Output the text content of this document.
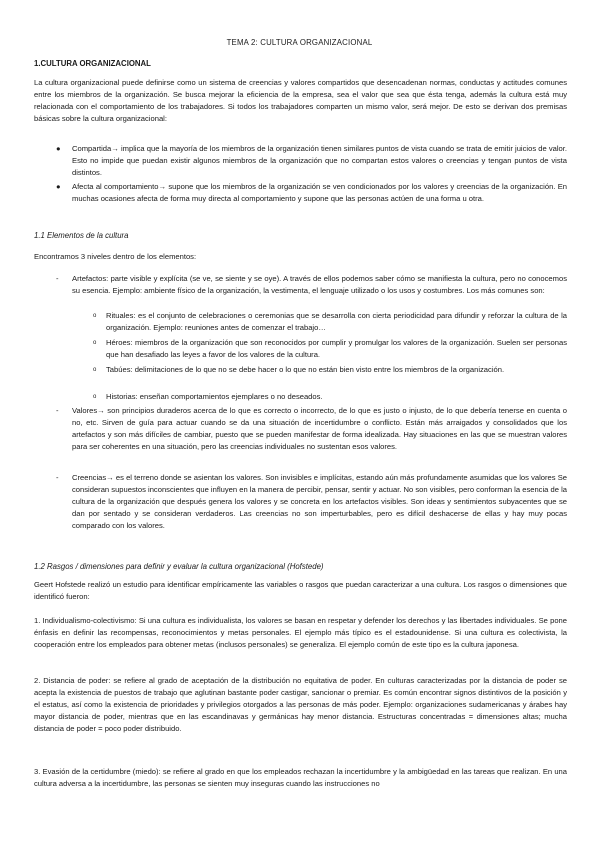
TEMA 2: CULTURA ORGANIZACIONAL
1.CULTURA ORGANIZACIONAL

La cultura organizacional puede definirse como un sistema de creencias y valores compartidos que desencadenan normas, conductas y actitudes comunes entre los miembros de la organización. Se busca mejorar la eficiencia de la empresa, sea el valor que sea que ésta tenga, además la cultura está muy relacionada con el comportamiento de los trabajadores. Si todos los trabajadores comparten un mismo valor, será mejor. De esto se derivan dos premisas básicas sobre la cultura organizacional:

● Compartida→ implica que la mayoría de los miembros de la organización tienen similares puntos de vista cuando se trata de emitir juicios de valor. Esto no impide que puedan existir algunos miembros de la organización que no compartan estos valores o creencias y tengan puntos de vista distintos.

● Afecta al comportamiento→ supone que los miembros de la organización se ven condicionados por los valores y creencias de la organización. En muchas ocasiones afecta de forma muy directa al comportamiento y supone que las personas actúen de una forma u otra.

1.1 Elementos de la cultura

Encontramos 3 niveles dentro de los elementos:

- Artefactos: parte visible y explícita (se ve, se siente y se oye). A través de ellos podemos saber cómo se manifiesta la cultura, pero no conocemos su esencia. Ejemplo: ambiente físico de la organización, la vestimenta, el lenguaje utilizado o los usos y costumbres. Los más comunes son:

o Rituales: es el conjunto de celebraciones o ceremonias que se desarrolla con cierta periodicidad para difundir y reforzar la cultura de la organización. Ejemplo: reuniones antes de comenzar el trabajo…

o Héroes: miembros de la organización que son reconocidos por cumplir y promulgar los valores de la organización. Suelen ser personas que han desafiado las leyes a favor de los valores de la cultura.

o Tabúes: delimitaciones de lo que no se debe hacer o lo que no están bien visto entre los miembros de la organización.

o Historias: enseñan comportamientos ejemplares o no deseados.

- Valores→ son principios duraderos acerca de lo que es correcto o incorrecto, de lo que es justo o injusto, de lo que debería tenerse en cuenta o no, etc. Sirven de guía para actuar cuando se da una situación de incertidumbre o conflicto. Están más arraigados y consolidados que los artefactos y son más difíciles de cambiar, puesto que se pueden manifestar de forma idealizada. Hay situaciones en las que se muestran valores para ser coherentes en una situación, pero las creencias individuales no sustentan esos valores.

- Creencias→ es el terreno donde se asientan los valores. Son invisibles e implícitas, estando aún más profundamente asumidas que los valores Se consideran supuestos inconscientes que influyen en la manera de percibir, pensar, sentir y actuar. No son visibles, pero conforman la esencia de la cultura de la organización que después genera los valores y se concreta en los artefactos visibles. Son ideas y sentimientos subyacentes que se dan por sentado y se consideran verdaderos. Las creencias no son imperturbables, pero es difícil deshacerse de ellas y hay muy pocas comparado con los valores.

1.2 Rasgos / dimensiones para definir y evaluar la cultura organizacional (Hofstede)

Geert Hofstede realizó un estudio para identificar empíricamente las variables o rasgos que puedan caracterizar a una cultura. Los rasgos o dimensiones que identificó fueron:

1. Individualismo-colectivismo: Si una cultura es individualista, los valores se basan en respetar y defender los derechos y las libertades individuales. Se pone énfasis en definir las recompensas, reconocimientos y metas personales. El ejemplo más típico es el estadounidense. Si una cultura es colectivista, la cooperación entre los empleados para obtener metas (inclusos personales) se generaliza. El ejemplo común de este tipo es la cultura japonesa.

2. Distancia de poder: se refiere al grado de aceptación de la distribución no equitativa de poder. En culturas caracterizadas por la distancia de poder se acepta la existencia de puestos de trabajo que aglutinan bastante poder castigar, sancionar o premiar. Es común encontrar signos distintivos de la posición y el estatus, así como la existencia de prioridades y privilegios otorgados a las personas de más poder. Ejemplo: organizaciones sudamericanas y árabes hay mayor distancia de poder, mientras que en las escandinavas y germánicas hay menor distancia. Estructuras concentradas = dimensiones altas; mucha distancia de poder = poco poder distribuido.

3. Evasión de la certidumbre (miedo): se refiere al grado en que los empleados rechazan la incertidumbre y la ambigüedad en las tareas que realizan. En una cultura adversa a la incertidumbre, las personas se sienten muy inseguras cuando las instrucciones no
